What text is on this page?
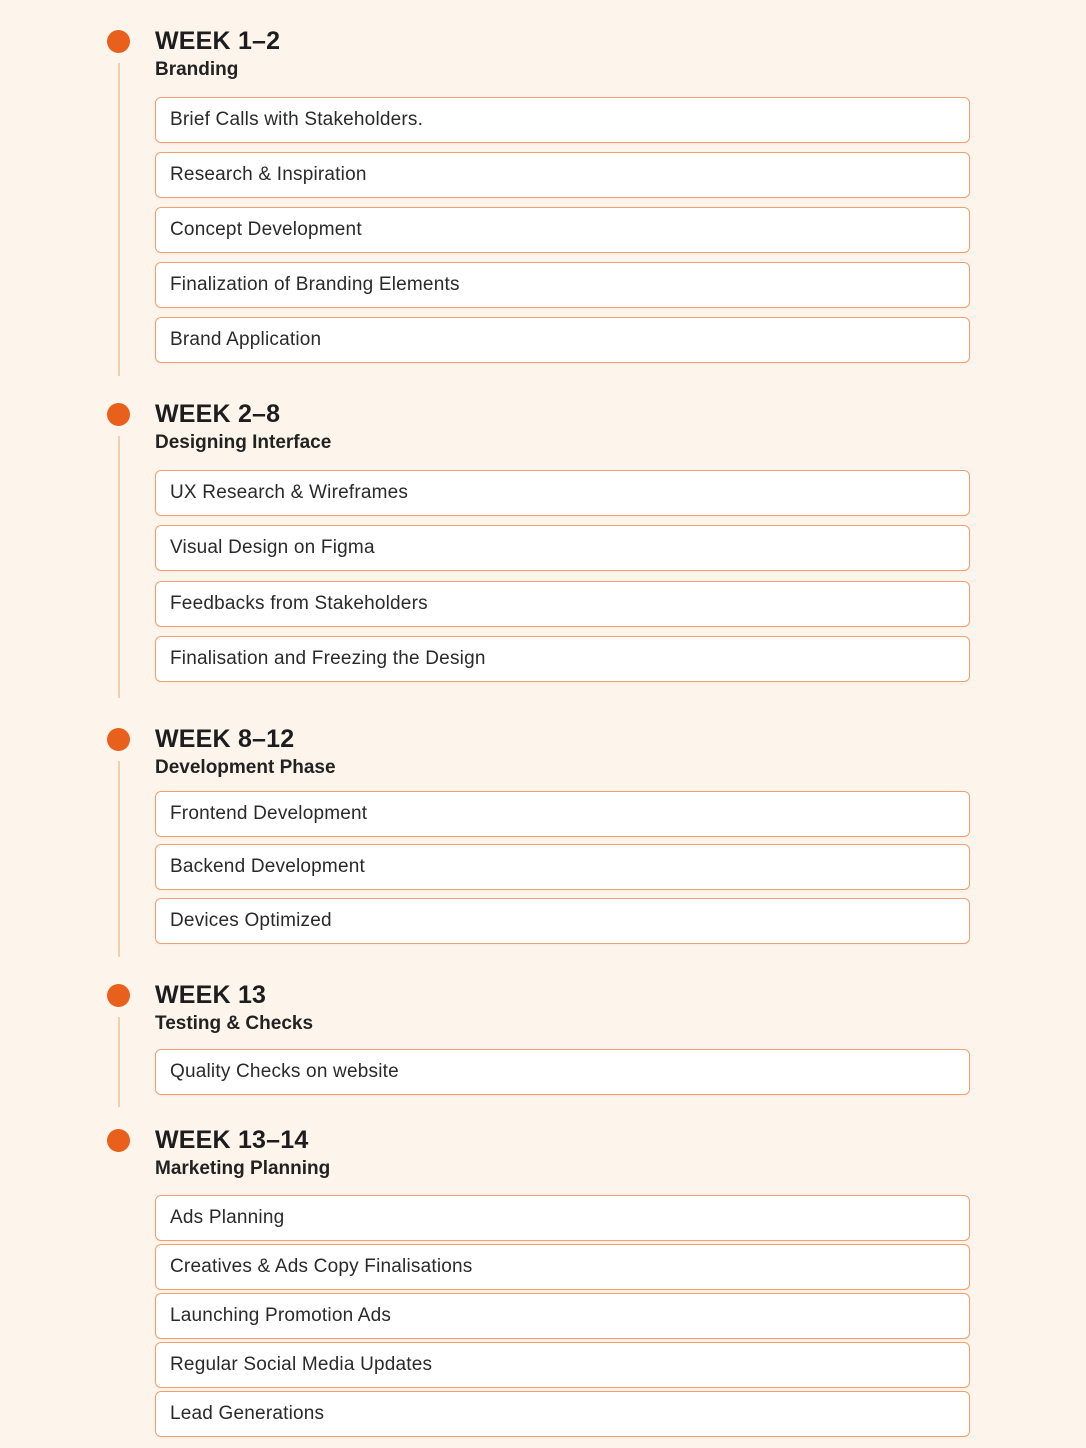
WEEK 1–2
Branding
Brief Calls with Stakeholders.
Research & Inspiration
Concept Development
Finalization of Branding Elements
Brand Application
WEEK 2–8
Designing Interface
UX Research & Wireframes
Visual Design on Figma
Feedbacks from Stakeholders
Finalisation and Freezing the Design
WEEK 8–12
Development Phase
Frontend Development
Backend Development
Devices Optimized
WEEK 13
Testing & Checks
Quality Checks on website
WEEK 13–14
Marketing Planning
Ads Planning
Creatives & Ads Copy Finalisations
Launching Promotion Ads
Regular Social Media Updates
Lead Generations
